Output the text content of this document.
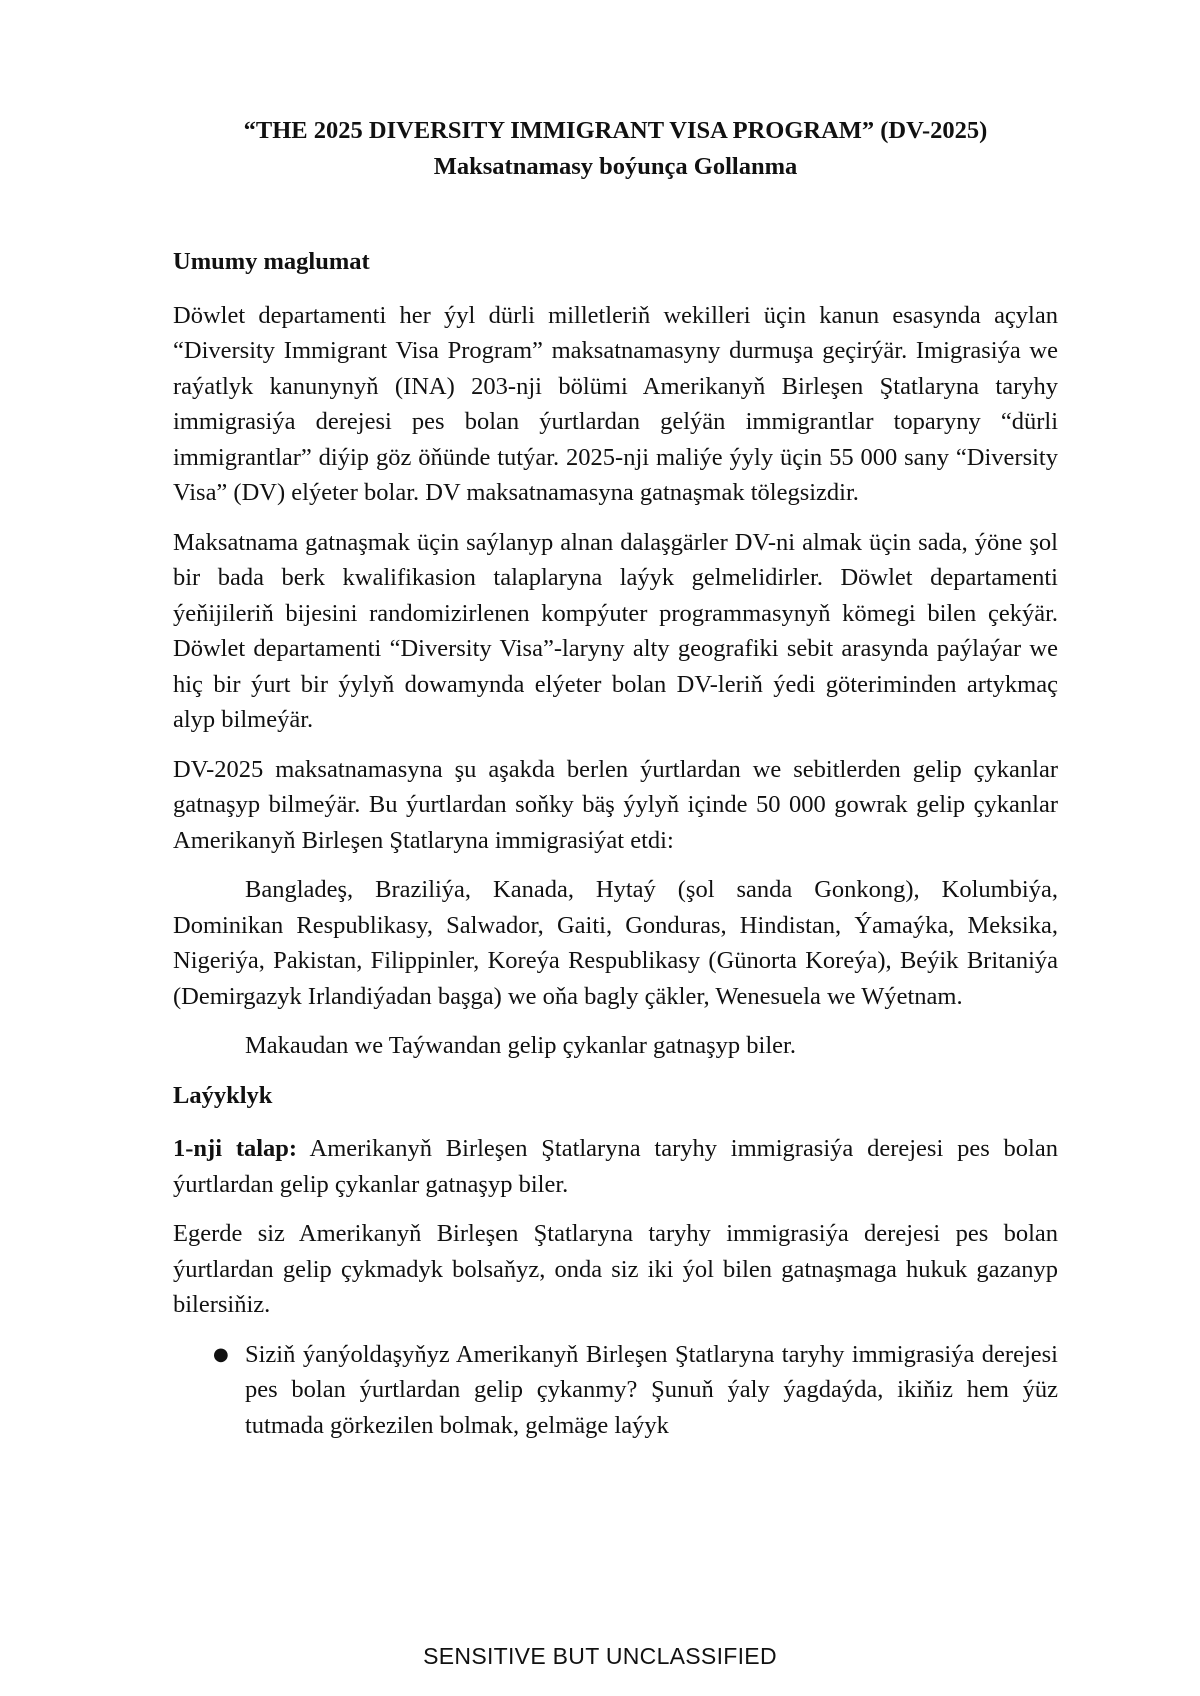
“THE 2025 DIVERSITY IMMIGRANT VISA PROGRAM” (DV-2025)

Maksatnamasy boýunça Gollanma

Umumy maglumat

Döwlet departamenti her ýyl dürli milletleriň wekilleri üçin kanun esasynda açylan “Diversity Immigrant Visa Program” maksatnamasyny durmuşa geçirýär. Imigrasiýa we raýatlyk kanunynyň (INA) 203-nji bölümi Amerikanyň Birleşen Ştatlaryna taryhy immigrasiýa derejesi pes bolan ýurtlardan gelýän immigrantlar toparyny “dürli immigrantlar” diýip göz öňünde tutýar. 2025-nji maliýe ýyly üçin 55 000 sany “Diversity Visa” (DV) elýeter bolar. DV maksatnamasyna gatnaşmak tölegsizdir.

Maksatnama gatnaşmak üçin saýlanyp alnan dalaşgärler DV-ni almak üçin sada, ýöne şol bir bada berk kwalifikasion talaplaryna laýyk gelmelidirler. Döwlet departamenti ýeňijileriň bijesini randomizirlenen kompýuter programmasynyň kömegi bilen çekýär. Döwlet departamenti “Diversity Visa”-laryny alty geografiki sebit arasynda paýlaýar we hiç bir ýurt bir ýylyň dowamynda elýeter bolan DV-leriň ýedi göteriminden artykmaç alyp bilmeýär.

DV-2025 maksatnamasyna şu aşakda berlen ýurtlardan we sebitlerden gelip çykanlar gatnaşyp bilmeýär. Bu ýurtlardan soňky bäş ýylyň içinde 50 000 gowrak gelip çykanlar Amerikanyň Birleşen Ştatlaryna immigrasiýat etdi:

Bangladeş, Braziliýa, Kanada, Hytaý (şol sanda Gonkong), Kolumbiýa, Dominikan Respublikasy, Salwador, Gaiti, Gonduras, Hindistan, Ýamaýka, Meksika, Nigeriýa, Pakistan, Filippinler, Koreýa Respublikasy (Günorta Koreýa), Beýik Britaniýa (Demirgazyk Irlandiýadan başga) we oňa bagly çäkler, Wenesuela we Wýetnam.

Makaudan we Taýwandan gelip çykanlar gatnaşyp biler.

Laýyklyk

1-nji talap: Amerikanyň Birleşen Ştatlaryna taryhy immigrasiýa derejesi pes bolan ýurtlardan gelip çykanlar gatnaşyp biler.

Egerde siz Amerikanyň Birleşen Ştatlaryna taryhy immigrasiýa derejesi pes bolan ýurtlardan gelip çykmadyk bolsaňyz, onda siz iki ýol bilen gatnaşmaga hukuk gazanyp bilersiňiz.

● Siziň ýanýoldaşyňyz Amerikanyň Birleşen Ştatlaryna taryhy immigrasiýa derejesi pes bolan ýurtlardan gelip çykanmy? Şunuň ýaly ýagdaýda, ikiňiz hem ýüz tutmada görkezilen bolmak, gelmäge laýyk
SENSITIVE BUT UNCLASSIFIED
